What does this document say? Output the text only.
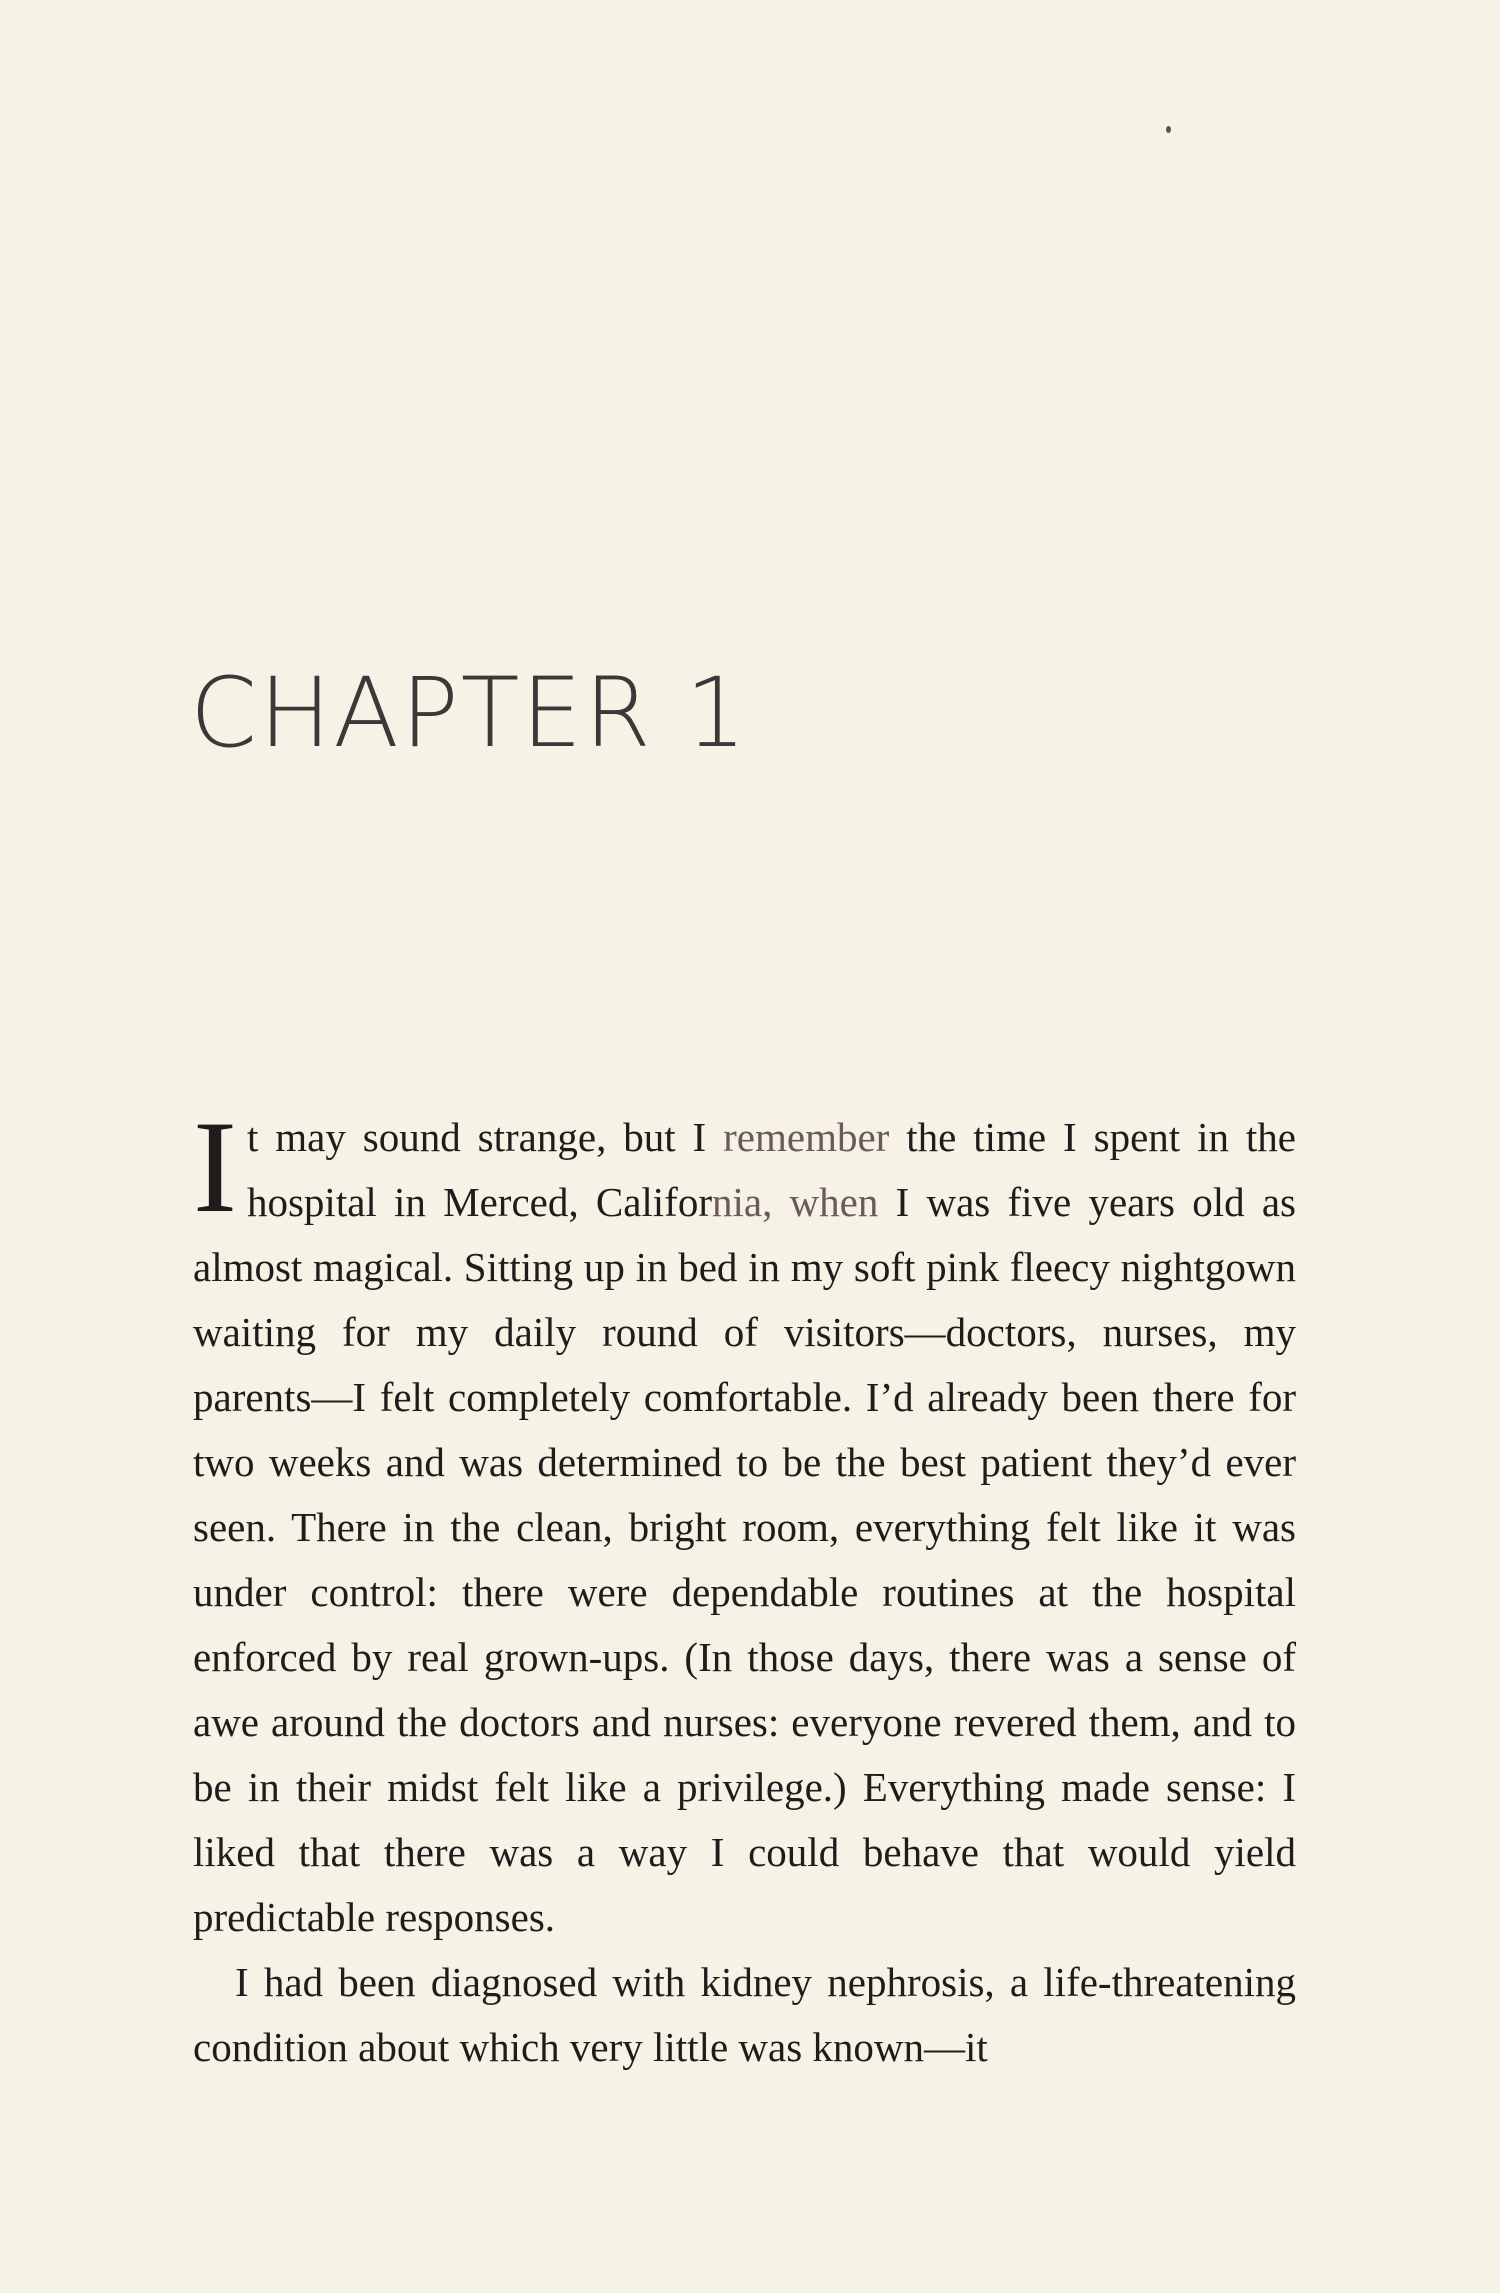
CHAPTER 1

It may sound strange, but I remember the time I spent in the hospital in Merced, California, when I was five years old as almost magical. Sitting up in bed in my soft pink fleecy nightgown waiting for my daily round of visitors—doctors, nurses, my parents—I felt completely comfortable. I’d already been there for two weeks and was determined to be the best patient they’d ever seen. There in the clean, bright room, everything felt like it was under control: there were dependable routines at the hospital enforced by real grown-ups. (In those days, there was a sense of awe around the doctors and nurses: everyone revered them, and to be in their midst felt like a privilege.) Everything made sense: I liked that there was a way I could behave that would yield predictable responses.

I had been diagnosed with kidney nephrosis, a life-threatening condition about which very little was known—it
